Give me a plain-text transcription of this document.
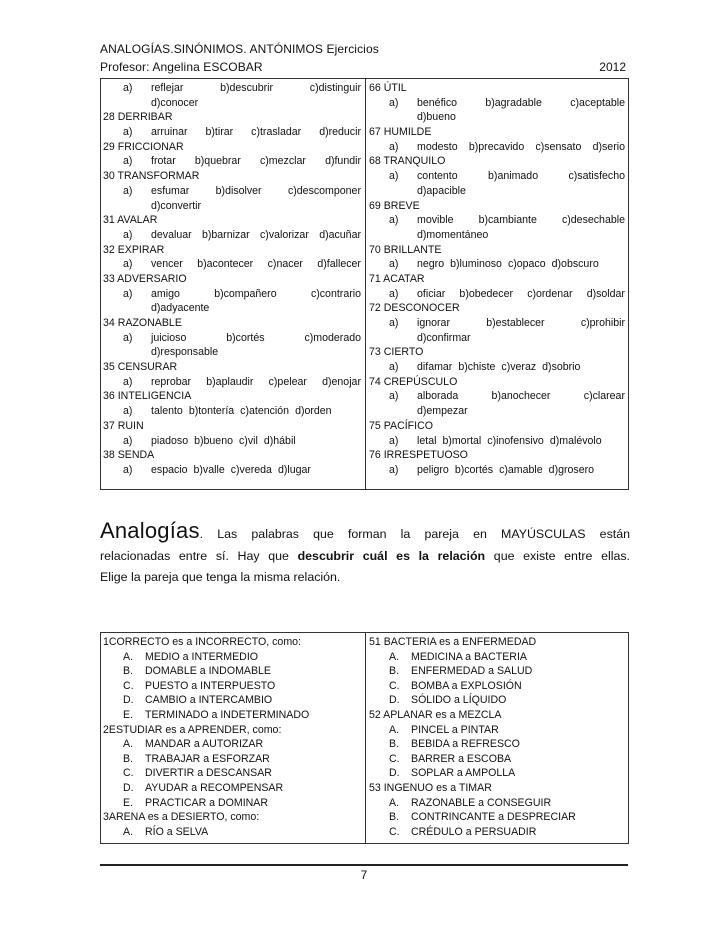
ANALOGÍAS.SINÓNIMOS. ANTÓNIMOS Ejercicios
Profesor: Angelina ESCOBAR	2012
a)	reflejar	b)descubrir	c)distinguir
d)conocer
28 DERRIBAR
a)	arruinar b)tirar c)trasladar d)reducir
29 FRICCIONAR
a)	frotar b)quebrar c)mezclar d)fundir
30 TRANSFORMAR
a)	esfumar b)disolver c)descomponer
d)convertir
31 AVALAR
a)	devaluar b)barnizar c)valorizar d)acuñar
32 EXPIRAR
a)	vencer b)acontecer c)nacer d)fallecer
33 ADVERSARIO
a)	amigo	b)compañero	c)contrario
d)adyacente
34 RAZONABLE
a)	juicioso	b)cortés	c)moderado
d)responsable
35 CENSURAR
a)	reprobar b)aplaudir c)pelear d)enojar
36 INTELIGENCIA
a)	talento b)tontería c)atención d)orden
37 RUIN
a)	piadoso b)bueno c)vil d)hábil
38 SENDA
a)	espacio b)valle c)vereda d)lugar
66 ÚTIL
a)	benéfico	b)agradable	c)aceptable
d)bueno
67 HUMILDE
a)	modesto b)precavido c)sensato d)serio
68 TRANQUILO
a)	contento	b)animado	c)satisfecho
d)apacible
69 BREVE
a)	movible b)cambiante c)desechable
d)momentáneo
70 BRILLANTE
a)	negro b)luminoso c)opaco d)obscuro
71 ACATAR
a)	oficiar b)obedecer c)ordenar d)soldar
72 DESCONOCER
a)	ignorar	b)establecer	c)prohibir
d)confirmar
73 CIERTO
a)	difamar b)chiste c)veraz d)sobrio
74 CREPÚSCULO
a)	alborada	b)anochecer	c)clarear
d)empezar
75 PACÍFICO
a)	letal b)mortal c)inofensivo d)malévolo
76 IRRESPETUOSO
a)	peligro b)cortés c)amable d)grosero
Analogías. Las palabras que forman la pareja en MAYÚSCULAS están
relacionadas entre sí. Hay que descubrir cuál es la relación que existe entre ellas.
Elige la pareja que tenga la misma relación.
1CORRECTO es a INCORRECTO, como:
A.	MEDIO a INTERMEDIO
B.	DOMABLE a INDOMABLE
C.	PUESTO a INTERPUESTO
D.	CAMBIO a INTERCAMBIO
E.	TERMINADO a INDETERMINADO
2ESTUDIAR es a APRENDER, como:
A.	MANDAR a AUTORIZAR
B.	TRABAJAR a ESFORZAR
C.	DIVERTIR a DESCANSAR
D.	AYUDAR a RECOMPENSAR
E.	PRACTICAR a DOMINAR
3ARENA es a DESIERTO, como:
A.	RÍO a SELVA
51 BACTERIA es a ENFERMEDAD
A.	MEDICINA a BACTERIA
B.	ENFERMEDAD a SALUD
C.	BOMBA a EXPLOSIÓN
D.	SÓLIDO a LÍQUIDO
52 APLANAR es a MEZCLA
A.	PINCEL a PINTAR
B.	BEBIDA a REFRESCO
C.	BARRER a ESCOBA
D.	SOPLAR a AMPOLLA
53 INGENUO es a TIMAR
A.	RAZONABLE a CONSEGUIR
B.	CONTRINCANTE a DESPRECIAR
C.	CRÉDULO a PERSUADIR
7
